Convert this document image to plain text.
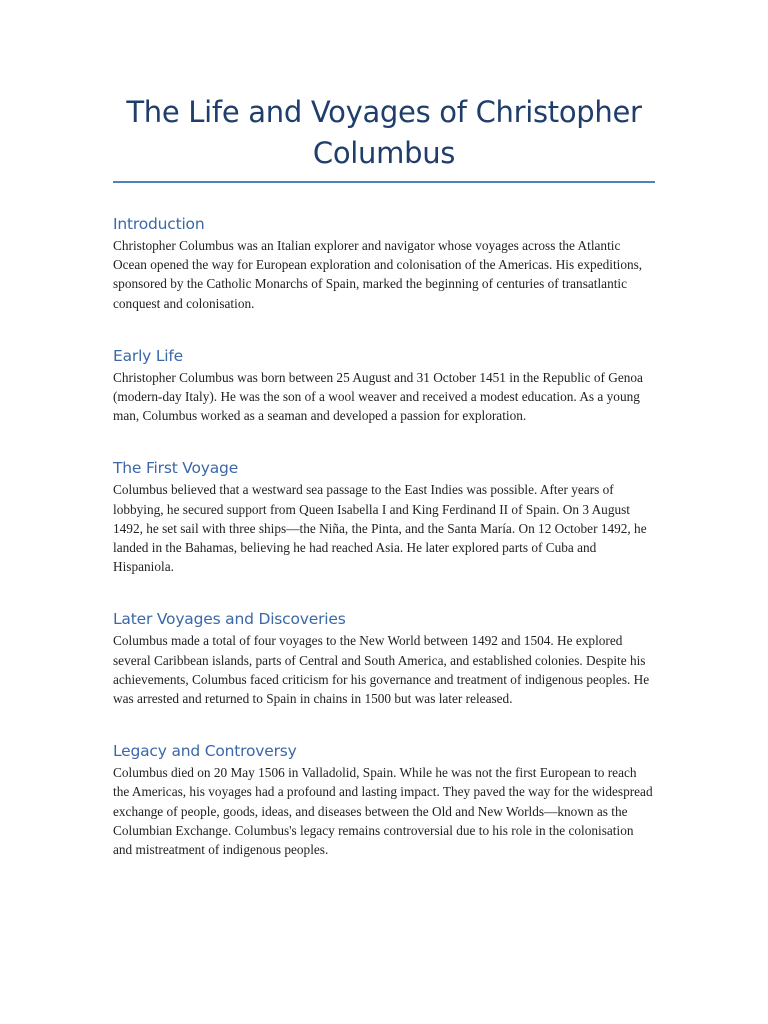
The Life and Voyages of Christopher Columbus
Introduction

Christopher Columbus was an Italian explorer and navigator whose voyages across the Atlantic Ocean opened the way for European exploration and colonisation of the Americas. His expeditions, sponsored by the Catholic Monarchs of Spain, marked the beginning of centuries of transatlantic conquest and colonisation.

Early Life

Christopher Columbus was born between 25 August and 31 October 1451 in the Republic of Genoa (modern-day Italy). He was the son of a wool weaver and received a modest education. As a young man, Columbus worked as a seaman and developed a passion for exploration.

The First Voyage

Columbus believed that a westward sea passage to the East Indies was possible. After years of lobbying, he secured support from Queen Isabella I and King Ferdinand II of Spain. On 3 August 1492, he set sail with three ships—the Niña, the Pinta, and the Santa María. On 12 October 1492, he landed in the Bahamas, believing he had reached Asia. He later explored parts of Cuba and Hispaniola.

Later Voyages and Discoveries

Columbus made a total of four voyages to the New World between 1492 and 1504. He explored several Caribbean islands, parts of Central and South America, and established colonies. Despite his achievements, Columbus faced criticism for his governance and treatment of indigenous peoples. He was arrested and returned to Spain in chains in 1500 but was later released.

Legacy and Controversy

Columbus died on 20 May 1506 in Valladolid, Spain. While he was not the first European to reach the Americas, his voyages had a profound and lasting impact. They paved the way for the widespread exchange of people, goods, ideas, and diseases between the Old and New Worlds—known as the Columbian Exchange. Columbus's legacy remains controversial due to his role in the colonisation and mistreatment of indigenous peoples.
